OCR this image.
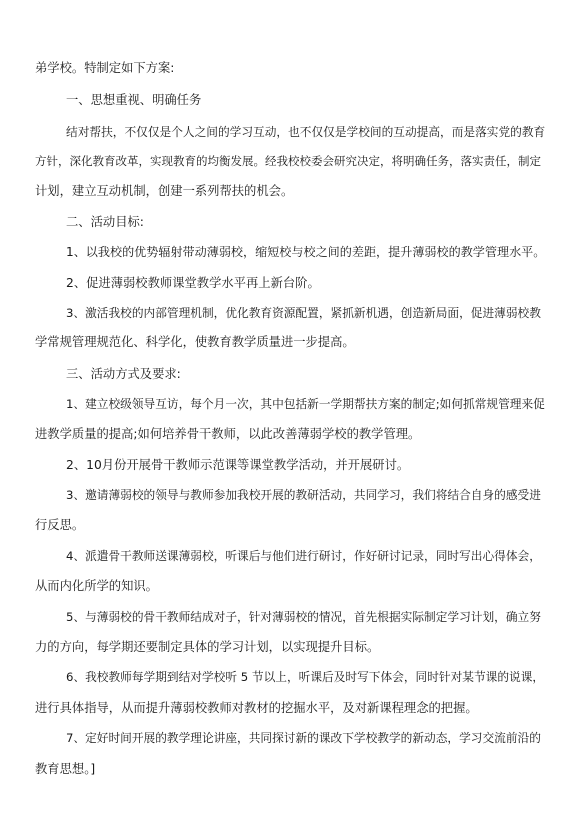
弟学校。特制定如下方案:
一、思想重视、明确任务
结对帮扶，不仅仅是个人之间的学习互动，也不仅仅是学校间的互动提高，而是落实党的教育
方针，深化教育改革，实现教育的均衡发展。经我校校委会研究决定，将明确任务，落实责任，制定
计划，建立互动机制，创建一系列帮扶的机会。
二、活动目标:
1、以我校的优势辐射带动薄弱校，缩短校与校之间的差距，提升薄弱校的教学管理水平。
2、促进薄弱校教师课堂教学水平再上新台阶。
3、激活我校的内部管理机制，优化教育资源配置，紧抓新机遇，创造新局面，促进薄弱校教
学常规管理规范化、科学化，使教育教学质量进一步提高。
三、活动方式及要求:
1、建立校级领导互访，每个月一次，其中包括新一学期帮扶方案的制定;如何抓常规管理来促
进教学质量的提高;如何培养骨干教师，以此改善薄弱学校的教学管理。
2、10月份开展骨干教师示范课等课堂教学活动，并开展研讨。
3、邀请薄弱校的领导与教师参加我校开展的教研活动，共同学习，我们将结合自身的感受进
行反思。
4、派遣骨干教师送课薄弱校，听课后与他们进行研讨，作好研讨记录，同时写出心得体会，
从而内化所学的知识。
5、与薄弱校的骨干教师结成对子，针对薄弱校的情况，首先根据实际制定学习计划，确立努
力的方向，每学期还要制定具体的学习计划，以实现提升目标。
6、我校教师每学期到结对学校听 5 节以上，听课后及时写下体会，同时针对某节课的说课，
进行具体指导，从而提升薄弱校教师对教材的挖掘水平，及对新课程理念的把握。
7、定好时间开展的教学理论讲座，共同探讨新的课改下学校教学的新动态，学习交流前沿的
教育思想。]
